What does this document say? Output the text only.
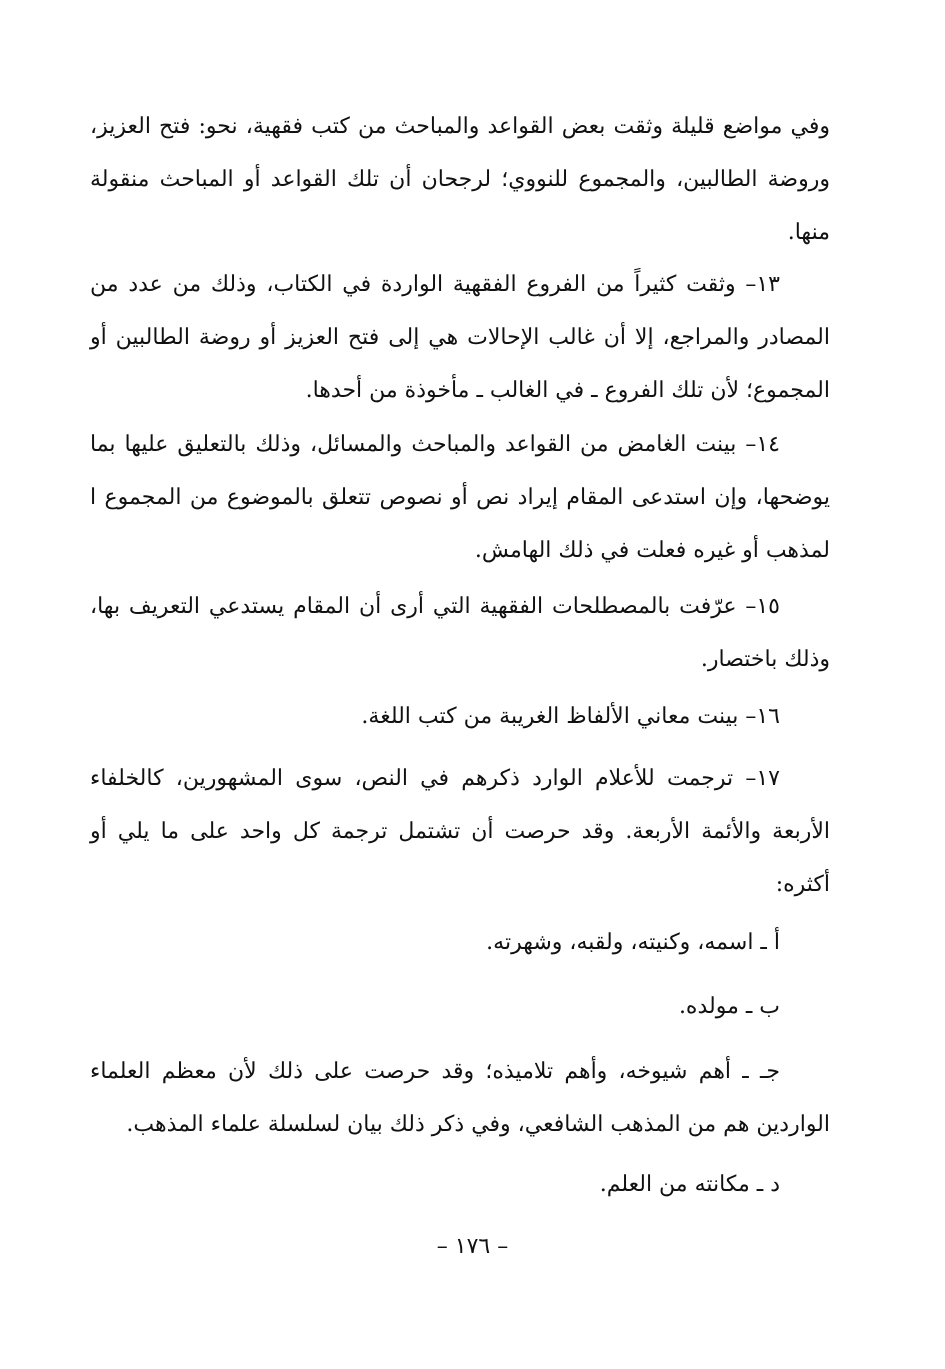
وفي مواضع قليلة وثقت بعض القواعد والمباحث من كتب فقهية، نحو: فتح العزيز، وروضة الطالبين، والمجموع للنووي؛ لرجحان أن تلك القواعد أو المباحث منقولة منها.

١٣– وثقت كثيراً من الفروع الفقهية الواردة في الكتاب، وذلك من عدد من المصادر والمراجع، إلا أن غالب الإحالات هي إلى فتح العزيز أو روضة الطالبين أو المجموع؛ لأن تلك الفروع ـ في الغالب ـ مأخوذة من أحدها.

١٤– بينت الغامض من القواعد والمباحث والمسائل، وذلك بالتعليق عليها بما يوضحها، وإن استدعى المقام إيراد نص أو نصوص تتعلق بالموضوع من المجموع ا لمذهب أو غيره فعلت في ذلك الهامش.

١٥– عرّفت بالمصطلحات الفقهية التي أرى أن المقام يستدعي التعريف بها، وذلك باختصار.

١٦– بينت معاني الألفاظ الغريبة من كتب اللغة.

١٧– ترجمت للأعلام الوارد ذكرهم في النص، سوى المشهورين، كالخلفاء الأربعة والأئمة الأربعة. وقد حرصت أن تشتمل ترجمة كل واحد على ما يلي أو أكثره:

أ ـ اسمه، وكنيته، ولقبه، وشهرته.

ب ـ مولده.

جـ ـ أهم شيوخه، وأهم تلاميذه؛ وقد حرصت على ذلك لأن معظم العلماء الواردين هم من المذهب الشافعي، وفي ذكر ذلك بيان لسلسلة علماء المذهب.

د ـ مكانته من العلم.

– ١٧٦ –
